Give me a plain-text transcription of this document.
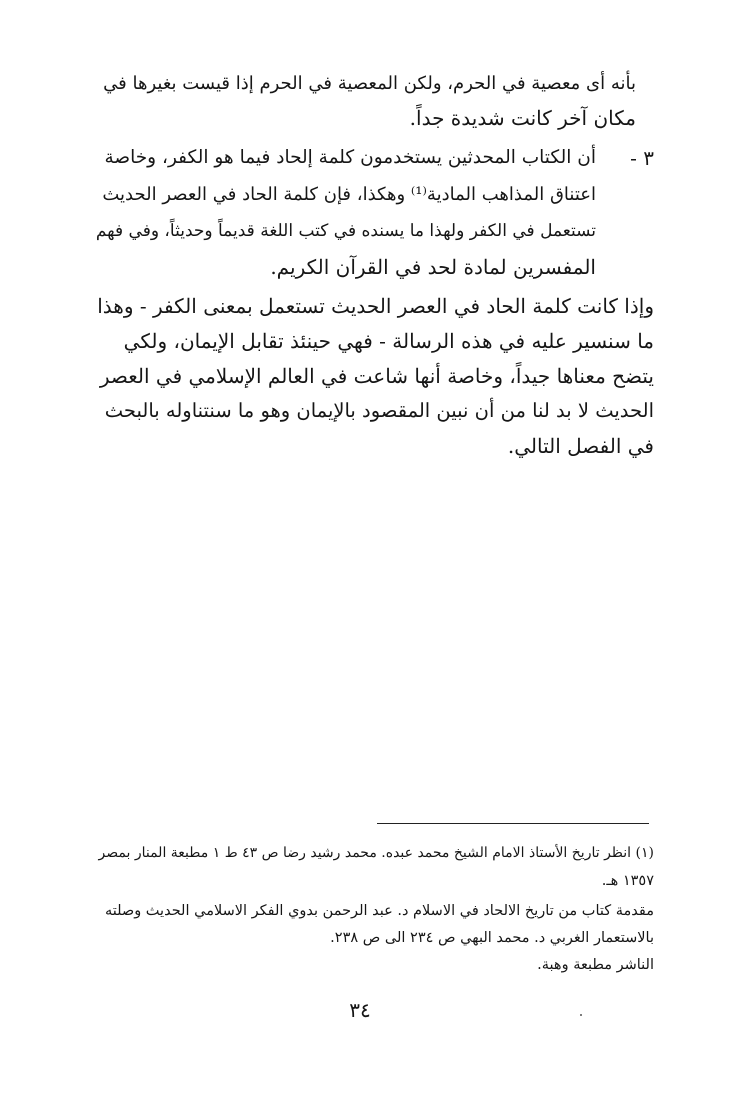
بأنه أى معصية في الحرم، ولكن المعصية في الحرم إذا قيست بغيرها في
مكان آخر كانت شديدة جداً.
٣ -
أن الكتاب المحدثين يستخدمون كلمة إلحاد فيما هو الكفر، وخاصة
اعتناق المذاهب المادية⁽¹⁾ وهكذا، فإن كلمة الحاد في العصر الحديث
تستعمل في الكفر ولهذا ما يسنده في كتب اللغة قديماً وحديثاً، وفي فهم
المفسرين لمادة لحد في القرآن الكريم.
وإذا كانت كلمة الحاد في العصر الحديث تستعمل بمعنى الكفر - وهذا
ما سنسير عليه في هذه الرسالة - فهي حينئذ تقابل الإيمان، ولكي
يتضح معناها جيداً، وخاصة أنها شاعت في العالم الإسلامي في العصر
الحديث لا بد لنا من أن نبين المقصود بالإيمان وهو ما سنتناوله بالبحث
في الفصل التالي.
(١) انظر تاريخ الأستاذ الامام الشيخ محمد عبده. محمد رشيد رضا ص ٤٣ ط ١ مطبعة المنار بمصر
١٣٥٧ هـ.
مقدمة كتاب من تاريخ الالحاد في الاسلام د. عبد الرحمن بدوي الفكر الاسلامي الحديث وصلته
بالاستعمار الغربي د. محمد البهي ص ٢٣٤ الى ص ٢٣٨.
الناشر مطبعة وهبة.
٣٤
